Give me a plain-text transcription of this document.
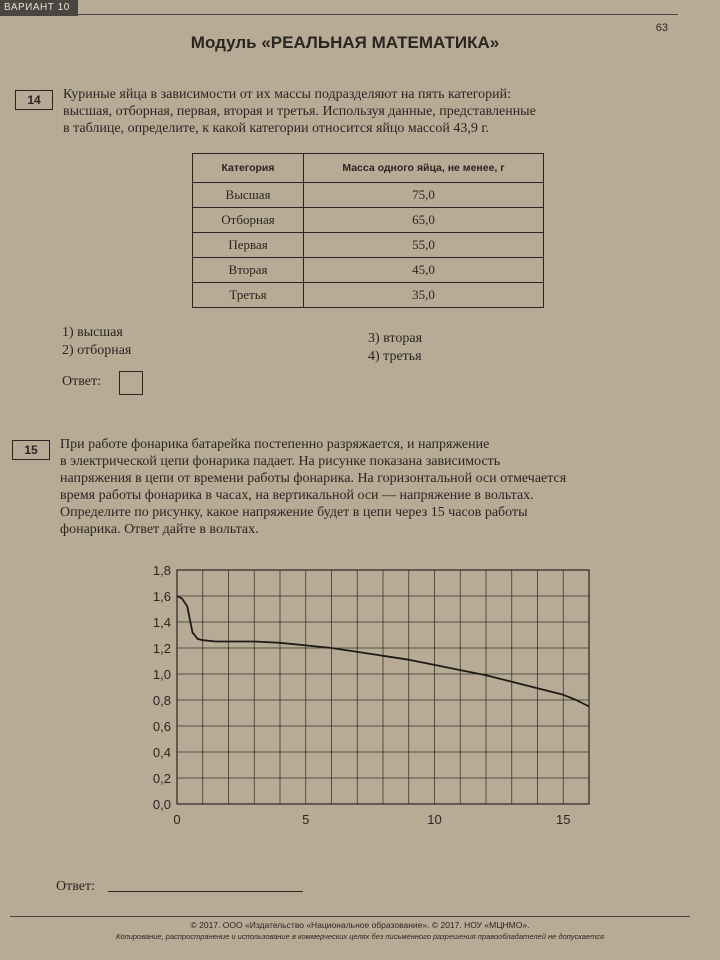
ВАРИАНТ 10
63
Модуль «РЕАЛЬНАЯ МАТЕМАТИКА»
14	Куриные яйца в зависимости от их массы подразделяют на пять категорий:
высшая, отборная, первая, вторая и третья. Используя данные, представленные
в таблице, определите, к какой категории относится яйцо массой 43,9 г.
Категория	Масса одного яйца, не менее, г
Высшая	75,0
Отборная	65,0
Первая	55,0
Вторая	45,0
Третья	35,0
1) высшая
2) отборная
3) вторая
4) третья
Ответ:
15	При работе фонарика батарейка постепенно разряжается, и напряжение
в электрической цепи фонарика падает. На рисунке показана зависимость
напряжения в цепи от времени работы фонарика. На горизонтальной оси отмечается
время работы фонарика в часах, на вертикальной оси — напряжение в вольтах.
Определите по рисунку, какое напряжение будет в цепи через 15 часов работы
фонарика. Ответ дайте в вольтах.
0,0
0,2
0,4
0,6
0,8
1,0
1,2
1,4
1,6
1,8
0	5	10	15
Ответ:
© 2017. ООО «Издательство «Национальное образование». © 2017. НОУ «МЦНМО».
Копирование, распространение и использование в коммерческих целях без письменного разрешения правообладателей не допускается
